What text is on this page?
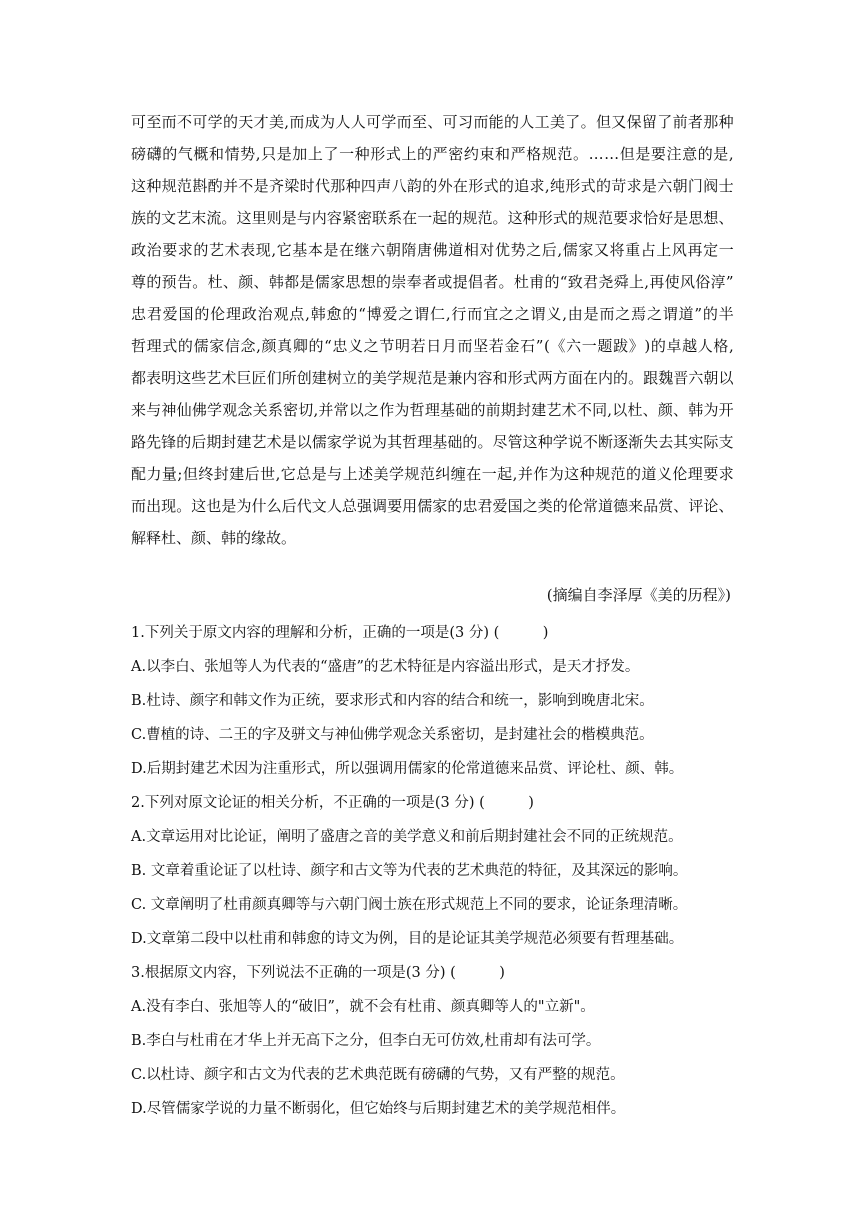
可 至 而 不 可 学 的 天 才 美 , 而 成 为 人 人 可 学 而 至 、 可 习 而 能 的 人 工 美 了 。 但 又 保 留 了 前 者 那 种
磅 礴 的 气 概 和 情 势 , 只 是 加 上 了 一 种 形 式 上 的 严 密 约 束 和 严 格 规 范 。 … … 但 是 要 注 意 的 是 ,
这 种 规 范 斟 酌 并 不 是 齐 梁 时 代 那 种 四 声 八 韵 的 外 在 形 式 的 追 求 , 纯 形 式 的 苛 求 是 六 朝 门 阀 士
族 的 文 艺 末 流 。 这 里 则 是 与 内 容 紧 密 联 系 在 一 起 的 规 范 。 这 种 形 式 的 规 范 要 求 恰 好 是 思 想 、
政 治 要 求 的 艺 术 表 现 , 它 基 本 是 在 继 六 朝 隋 唐 佛 道 相 对 优 势 之 后 , 儒 家 又 将 重 占 上 风 再 定 一
尊 的 预 告 。 杜 、 颜 、 韩 都 是 儒 家 思 想 的 崇 奉 者 或 提 倡 者 。 杜 甫 的 “ 致 君 尧 舜 上 , 再 使 风 俗 淳 ”
忠 君 爱 国 的 伦 理 政 治 观 点 , 韩 愈 的 “ 博 爱 之 谓 仁 , 行 而 宜 之 之 谓 义 , 由 是 而 之 焉 之 谓 道 ” 的 半
哲 理 式 的 儒 家 信 念 , 颜 真 卿 的 “ 忠 义 之 节 明 若 日 月 而 坚 若 金 石 ” ( 《 六 一 题 跋 》 ) 的 卓 越 人 格 ,
都 表 明 这 些 艺 术 巨 匠 们 所 创 建 树 立 的 美 学 规 范 是 兼 内 容 和 形 式 两 方 面 在 内 的 。 跟 魏 晋 六 朝 以
来 与 神 仙 佛 学 观 念 关 系 密 切 , 并 常 以 之 作 为 哲 理 基 础 的 前 期 封 建 艺 术 不 同 , 以 杜 、 颜 、 韩 为 开
路 先 锋 的 后 期 封 建 艺 术 是 以 儒 家 学 说 为 其 哲 理 基 础 的 。 尽 管 这 种 学 说 不 断 逐 渐 失 去 其 实 际 支
配 力 量 ; 但 终 封 建 后 世 , 它 总 是 与 上 述 美 学 规 范 纠 缠 在 一 起 , 并 作 为 这 种 规 范 的 道 义 伦 理 要 求
而 出 现 。 这 也 是 为 什 么 后 代 文 人 总 强 调 要 用 儒 家 的 忠 君 爱 国 之 类 的 伦 常 道 德 来 品 赏 、 评 论 、
解释杜、颜、韩的缘故。
(摘编自李泽厚《美的历程》)
1.下列关于原文内容的理解和分析，正确的一项是(3 分) (　　　)
A.以李白、张旭等人为代表的“盛唐”的艺术特征是内容溢出形式，是天才抒发。
B.杜诗、颜字和韩文作为正统，要求形式和内容的结合和统一，影响到晚唐北宋。
C.曹植的诗、二王的字及骈文与神仙佛学观念关系密切，是封建社会的楷模典范。
D.后期封建艺术因为注重形式，所以强调用儒家的伦常道德来品赏、评论杜、颜、韩。
2.下列对原文论证的相关分析，不正确的一项是(3 分) (　　　)
A.文章运用对比论证，阐明了盛唐之音的美学意义和前后期封建社会不同的正统规范。
B. 文章着重论证了以杜诗、颜字和古文等为代表的艺术典范的特征，及其深远的影响。
C. 文章阐明了杜甫颜真卿等与六朝门阀士族在形式规范上不同的要求，论证条理清晰。
D.文章第二段中以杜甫和韩愈的诗文为例，目的是论证其美学规范必须要有哲理基础。
3.根据原文内容，下列说法不正确的一项是(3 分) (　　　)
A.没有李白、张旭等人的“破旧”，就不会有杜甫、颜真卿等人的"立新"。
B.李白与杜甫在才华上并无高下之分，但李白无可仿效,杜甫却有法可学。
C.以杜诗、颜字和古文为代表的艺术典范既有磅礴的气势，又有严整的规范。
D.尽管儒家学说的力量不断弱化，但它始终与后期封建艺术的美学规范相伴。
